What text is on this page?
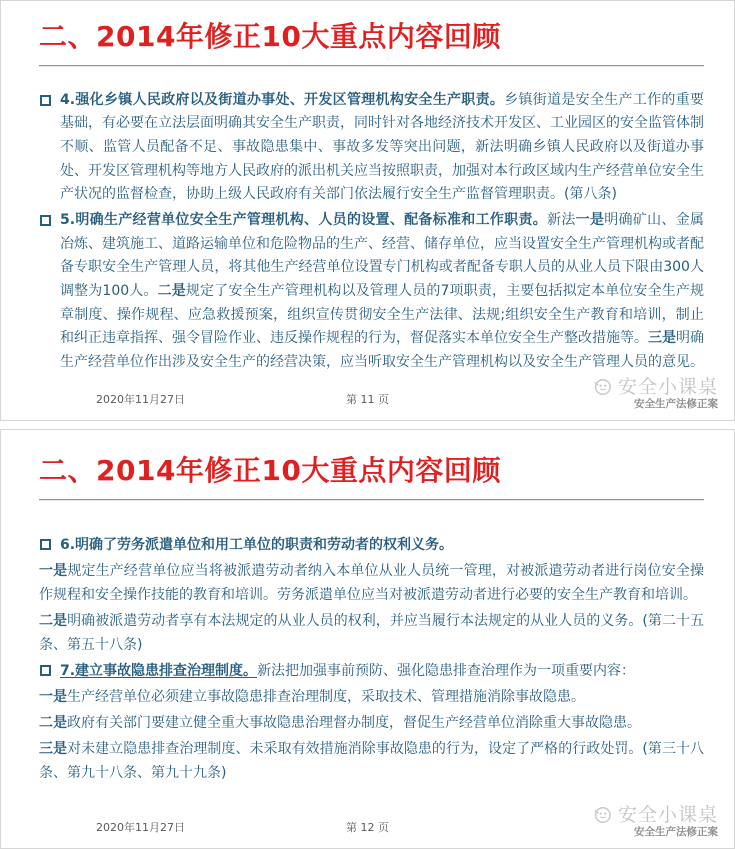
二、2014年修正10大重点内容回顾
4.强化乡镇人民政府以及街道办事处、开发区管理机构安全生产职责。乡镇街道是安全生产工作的重要基础，有必要在立法层面明确其安全生产职责，同时针对各地经济技术开发区、工业园区的安全监管体制不顺、监管人员配备不足、事故隐患集中、事故多发等突出问题，新法明确乡镇人民政府以及街道办事处、开发区管理机构等地方人民政府的派出机关应当按照职责，加强对本行政区域内生产经营单位安全生产状况的监督检查，协助上级人民政府有关部门依法履行安全生产监督管理职责。(第八条)
5.明确生产经营单位安全生产管理机构、人员的设置、配备标准和工作职责。新法一是明确矿山、金属冶炼、建筑施工、道路运输单位和危险物品的生产、经营、储存单位，应当设置安全生产管理机构或者配备专职安全生产管理人员，将其他生产经营单位设置专门机构或者配备专职人员的从业人员下限由300人调整为100人。二是规定了安全生产管理机构以及管理人员的7项职责，主要包括拟定本单位安全生产规章制度、操作规程、应急救援预案，组织宣传贯彻安全生产法律、法规;组织安全生产教育和培训，制止和纠正违章指挥、强令冒险作业、违反操作规程的行为，督促落实本单位安全生产整改措施等。三是明确生产经营单位作出涉及安全生产的经营决策，应当听取安全生产管理机构以及安全生产管理人员的意见。
安全小课桌
安全生产法修正案
2020年11月27日	第 11 页
二、2014年修正10大重点内容回顾
6.明确了劳务派遣单位和用工单位的职责和劳动者的权利义务。
一是规定生产经营单位应当将被派遣劳动者纳入本单位从业人员统一管理，对被派遣劳动者进行岗位安全操作规程和安全操作技能的教育和培训。劳务派遣单位应当对被派遣劳动者进行必要的安全生产教育和培训。
二是明确被派遣劳动者享有本法规定的从业人员的权利，并应当履行本法规定的从业人员的义务。(第二十五条、第五十八条)
7.建立事故隐患排查治理制度。新法把加强事前预防、强化隐患排查治理作为一项重要内容：
一是生产经营单位必须建立事故隐患排查治理制度，采取技术、管理措施消除事故隐患。
二是政府有关部门要建立健全重大事故隐患治理督办制度，督促生产经营单位消除重大事故隐患。
三是对未建立隐患排查治理制度、未采取有效措施消除事故隐患的行为，设定了严格的行政处罚。(第三十八条、第九十八条、第九十九条)
安全小课桌
安全生产法修正案
2020年11月27日	第 12 页
